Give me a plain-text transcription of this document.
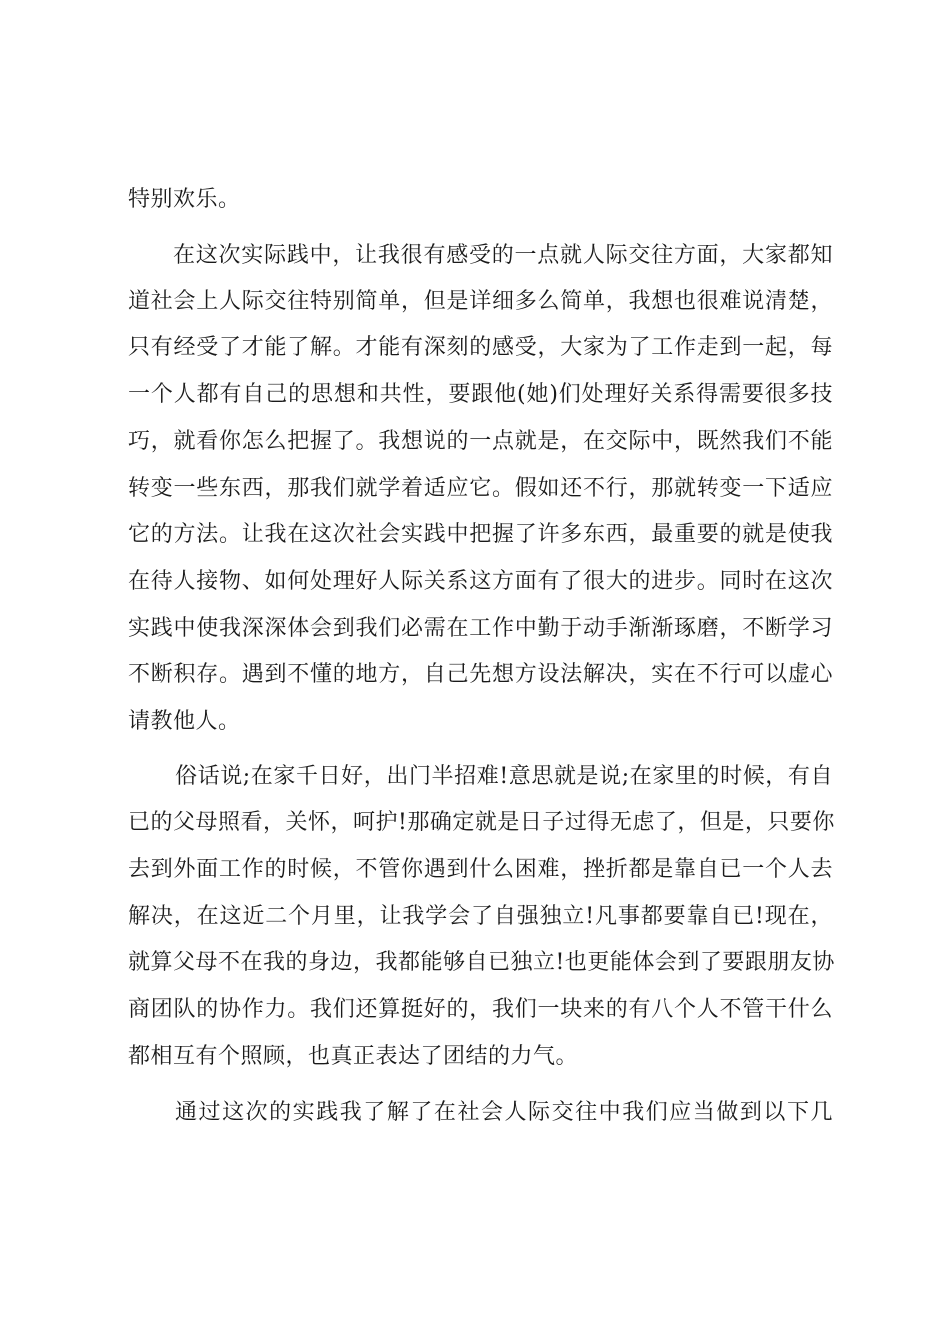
特别欢乐。
在这次实际践中，让我很有感受的一点就人际交往方面，大家都知
道社会上人际交往特别简单，但是详细多么简单，我想也很难说清楚，
只有经受了才能了解。才能有深刻的感受，大家为了工作走到一起，每
一个人都有自己的思想和共性，要跟他(她)们处理好关系得需要很多技
巧，就看你怎么把握了。我想说的一点就是，在交际中，既然我们不能
转变一些东西，那我们就学着适应它。假如还不行，那就转变一下适应
它的方法。让我在这次社会实践中把握了许多东西，最重要的就是使我
在待人接物、如何处理好人际关系这方面有了很大的进步。同时在这次
实践中使我深深体会到我们必需在工作中勤于动手渐渐琢磨，不断学习
不断积存。遇到不懂的地方，自己先想方设法解决，实在不行可以虚心
请教他人。
俗话说;在家千日好，出门半招难!意思就是说;在家里的时候，有自
已的父母照看，关怀，呵护!那确定就是日子过得无虑了，但是，只要你
去到外面工作的时候，不管你遇到什么困难，挫折都是靠自已一个人去
解决，在这近二个月里，让我学会了自强独立!凡事都要靠自已!现在，
就算父母不在我的身边，我都能够自已独立!也更能体会到了要跟朋友协
商团队的协作力。我们还算挺好的，我们一块来的有八个人不管干什么
都相互有个照顾，也真正表达了团结的力气。
通过这次的实践我了解了在社会人际交往中我们应当做到以下几
